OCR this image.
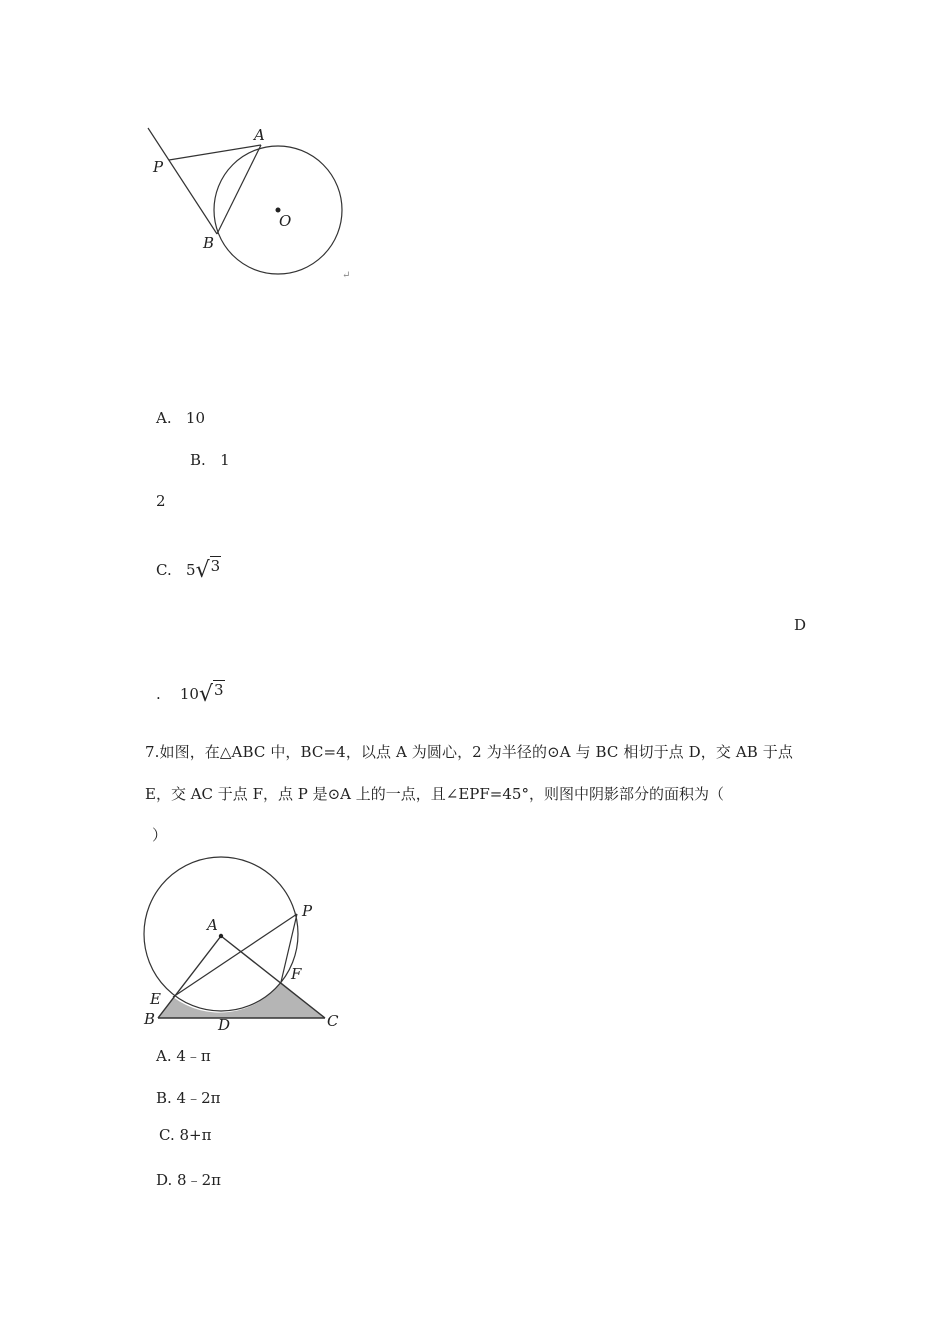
P
A
B
O
↵
A. 10
B. 1
2
C. 5√3
D
. 10√3
7.如图，在△ABC 中，BC=4，以点 A 为圆心，2 为半径的⊙A 与 BC 相切于点 D，交 AB 于点
E，交 AC 于点 F，点 P 是⊙A 上的一点，且∠EPF=45°，则图中阴影部分的面积为（
）
A
P
F
E
B	D	C
A. 4﹣π
B. 4﹣2π
C. 8+π
D. 8﹣2π
